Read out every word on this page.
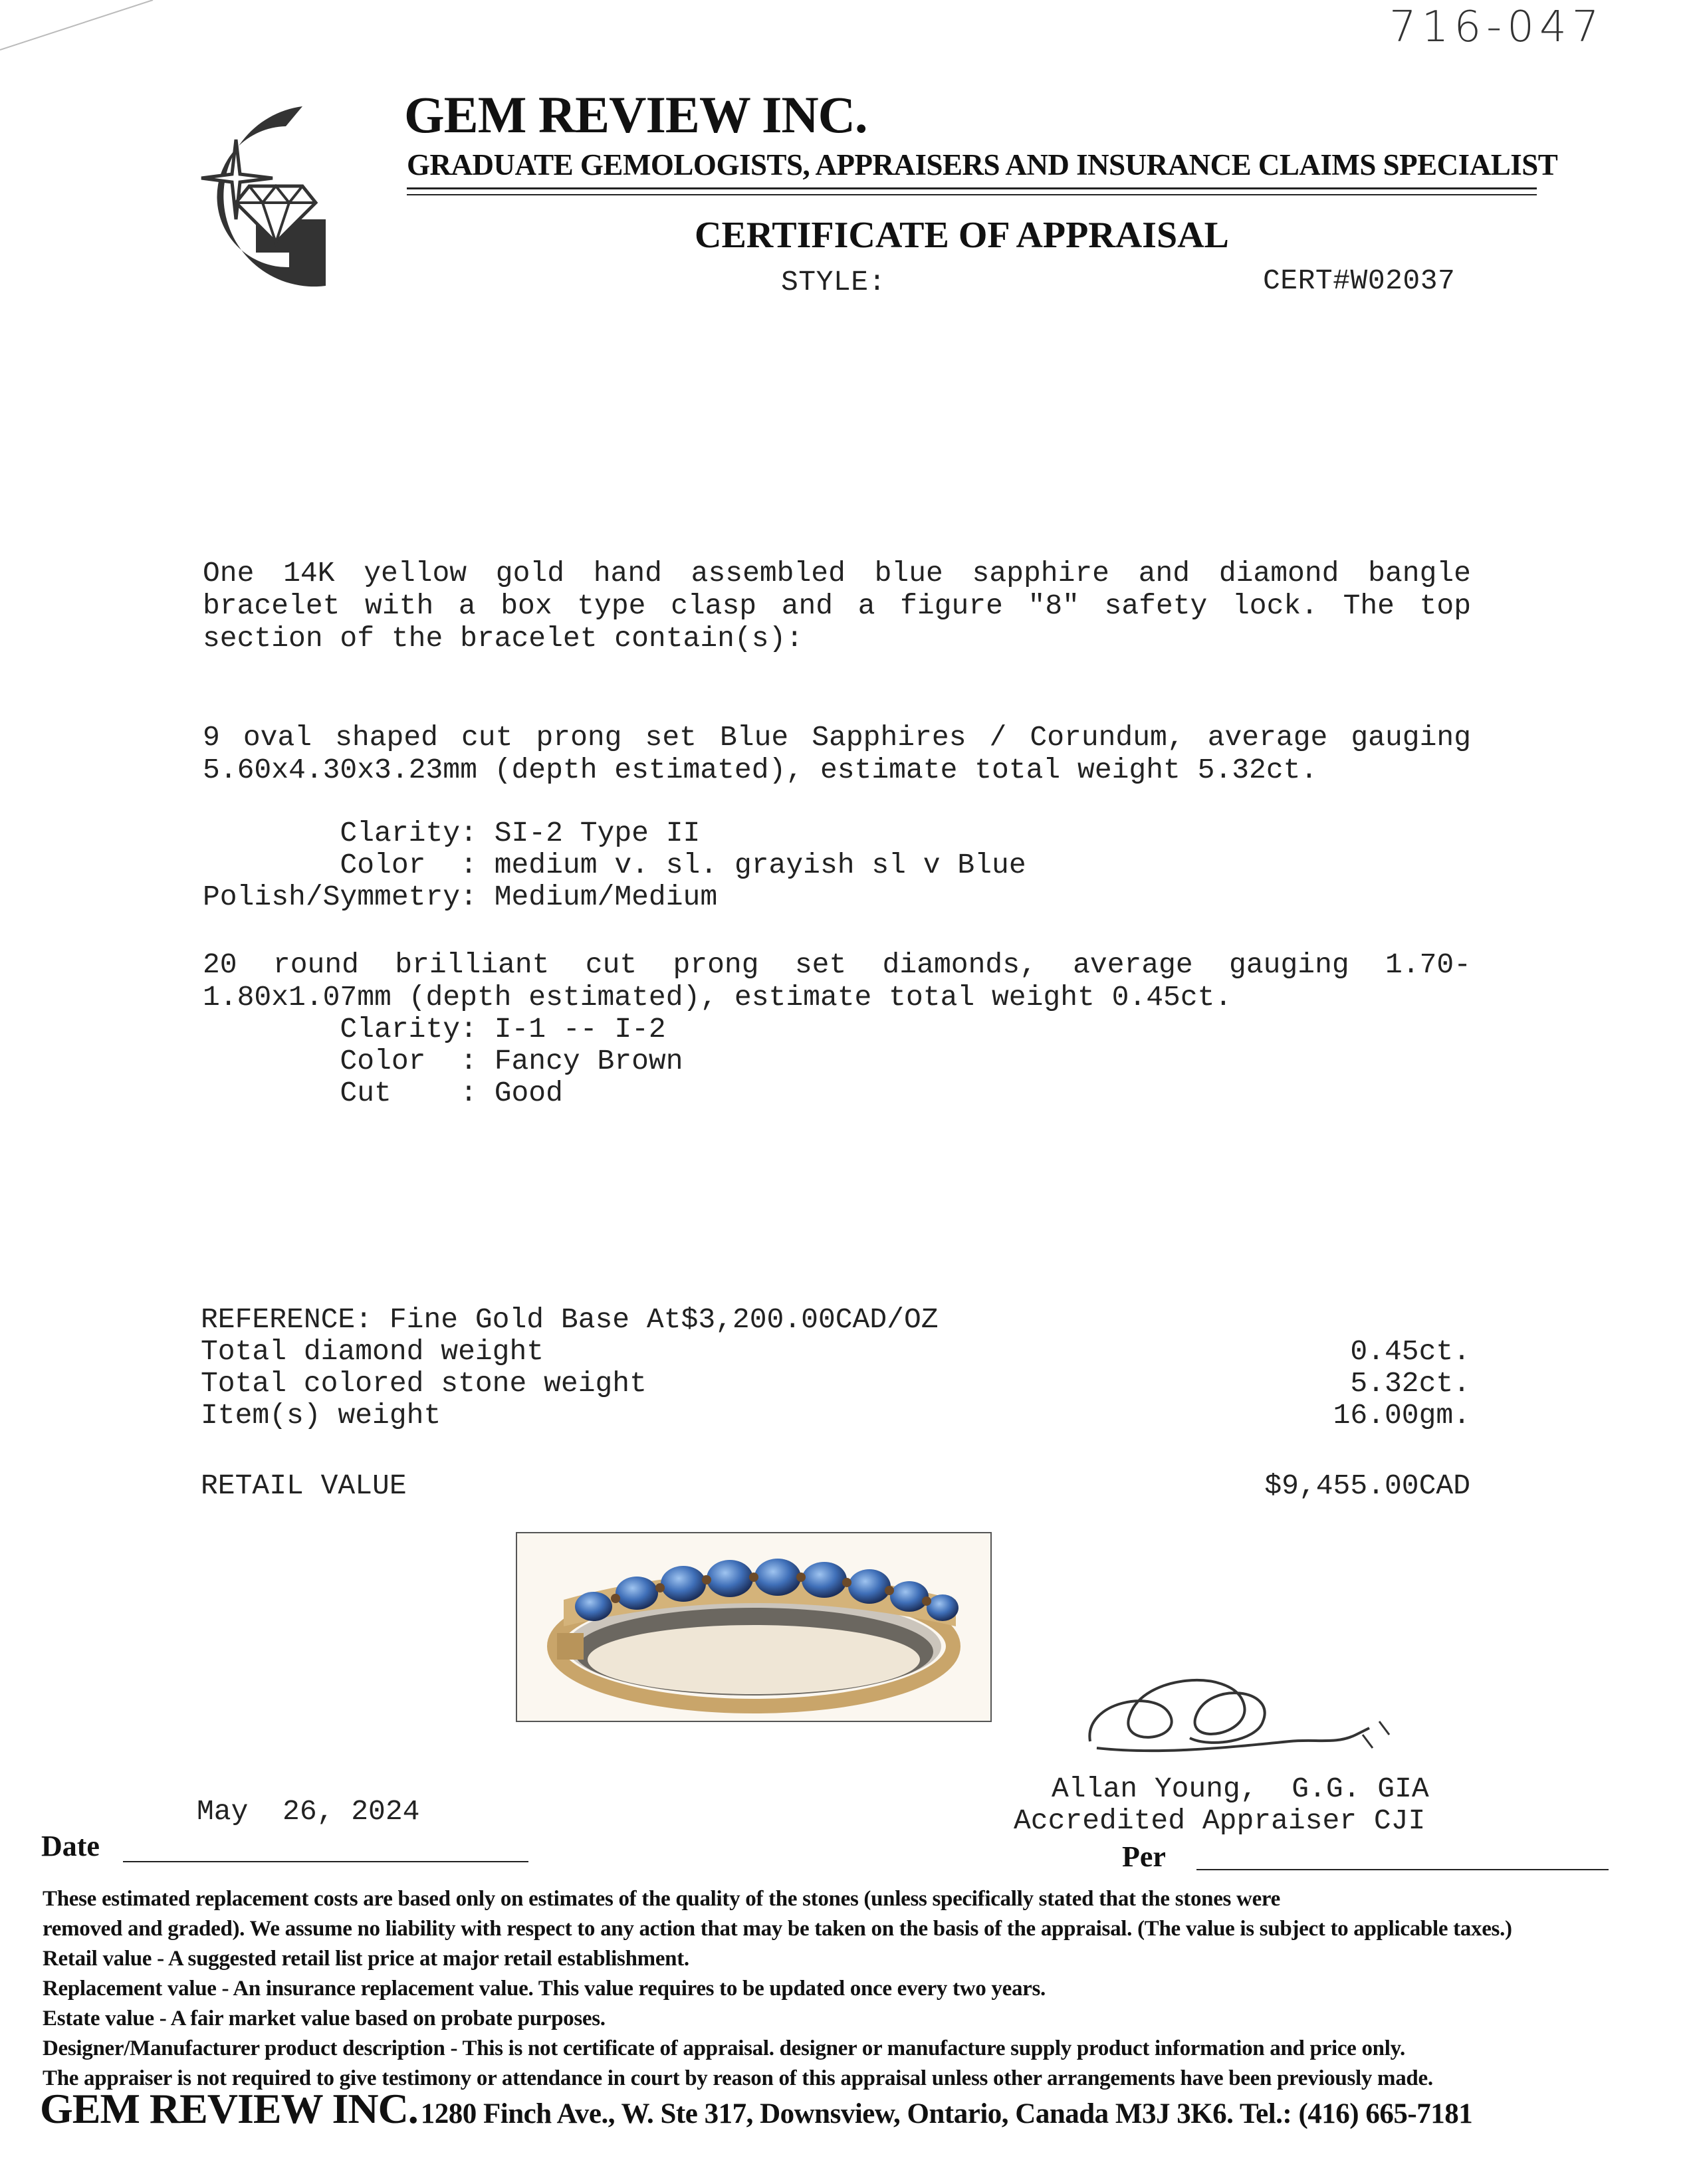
716-047
GEM REVIEW INC.
GRADUATE GEMOLOGISTS, APPRAISERS AND INSURANCE CLAIMS SPECIALIST
CERTIFICATE OF APPRAISAL
STYLE:	CERT#W02037
One 14K yellow gold hand assembled blue sapphire and diamond bangle bracelet with a box type clasp and a figure "8" safety lock. The top section of the bracelet contain(s):
9 oval shaped cut prong set Blue Sapphires / Corundum, average gauging 5.60x4.30x3.23mm (depth estimated), estimate total weight 5.32ct.
Clarity: SI-2 Type II
Color  : medium v. sl. grayish sl v Blue
Polish/Symmetry: Medium/Medium
20 round brilliant cut prong set diamonds, average gauging 1.70-1.80x1.07mm (depth estimated), estimate total weight 0.45ct.
Clarity: I-1 -- I-2
Color  : Fancy Brown
Cut    : Good
REFERENCE: Fine Gold Base At$3,200.00CAD/OZ
Total diamond weight	0.45ct.
Total colored stone weight	5.32ct.
Item(s) weight	16.00gm.
RETAIL VALUE	$9,455.00CAD
Allan Young,  G.G. GIA
Accredited Appraiser CJI
May  26, 2024
Date	Per
These estimated replacement costs are based only on estimates of the quality of the stones (unless specifically stated that the stones were
removed and graded). We assume no liability with respect to any action that may be taken on the basis of the appraisal. (The value is subject to applicable taxes.)
Retail value - A suggested retail list price at major retail establishment.
Replacement value - An insurance replacement value. This value requires to be updated once every two years.
Estate value - A fair market value based on probate purposes.
Designer/Manufacturer product description - This is not certificate of appraisal. designer or manufacture supply product information and price only.
The appraiser is not required to give testimony or attendance in court by reason of this appraisal unless other arrangements have been previously made.
GEM REVIEW INC. 1280 Finch Ave., W. Ste 317, Downsview, Ontario, Canada M3J 3K6. Tel.: (416) 665-7181
